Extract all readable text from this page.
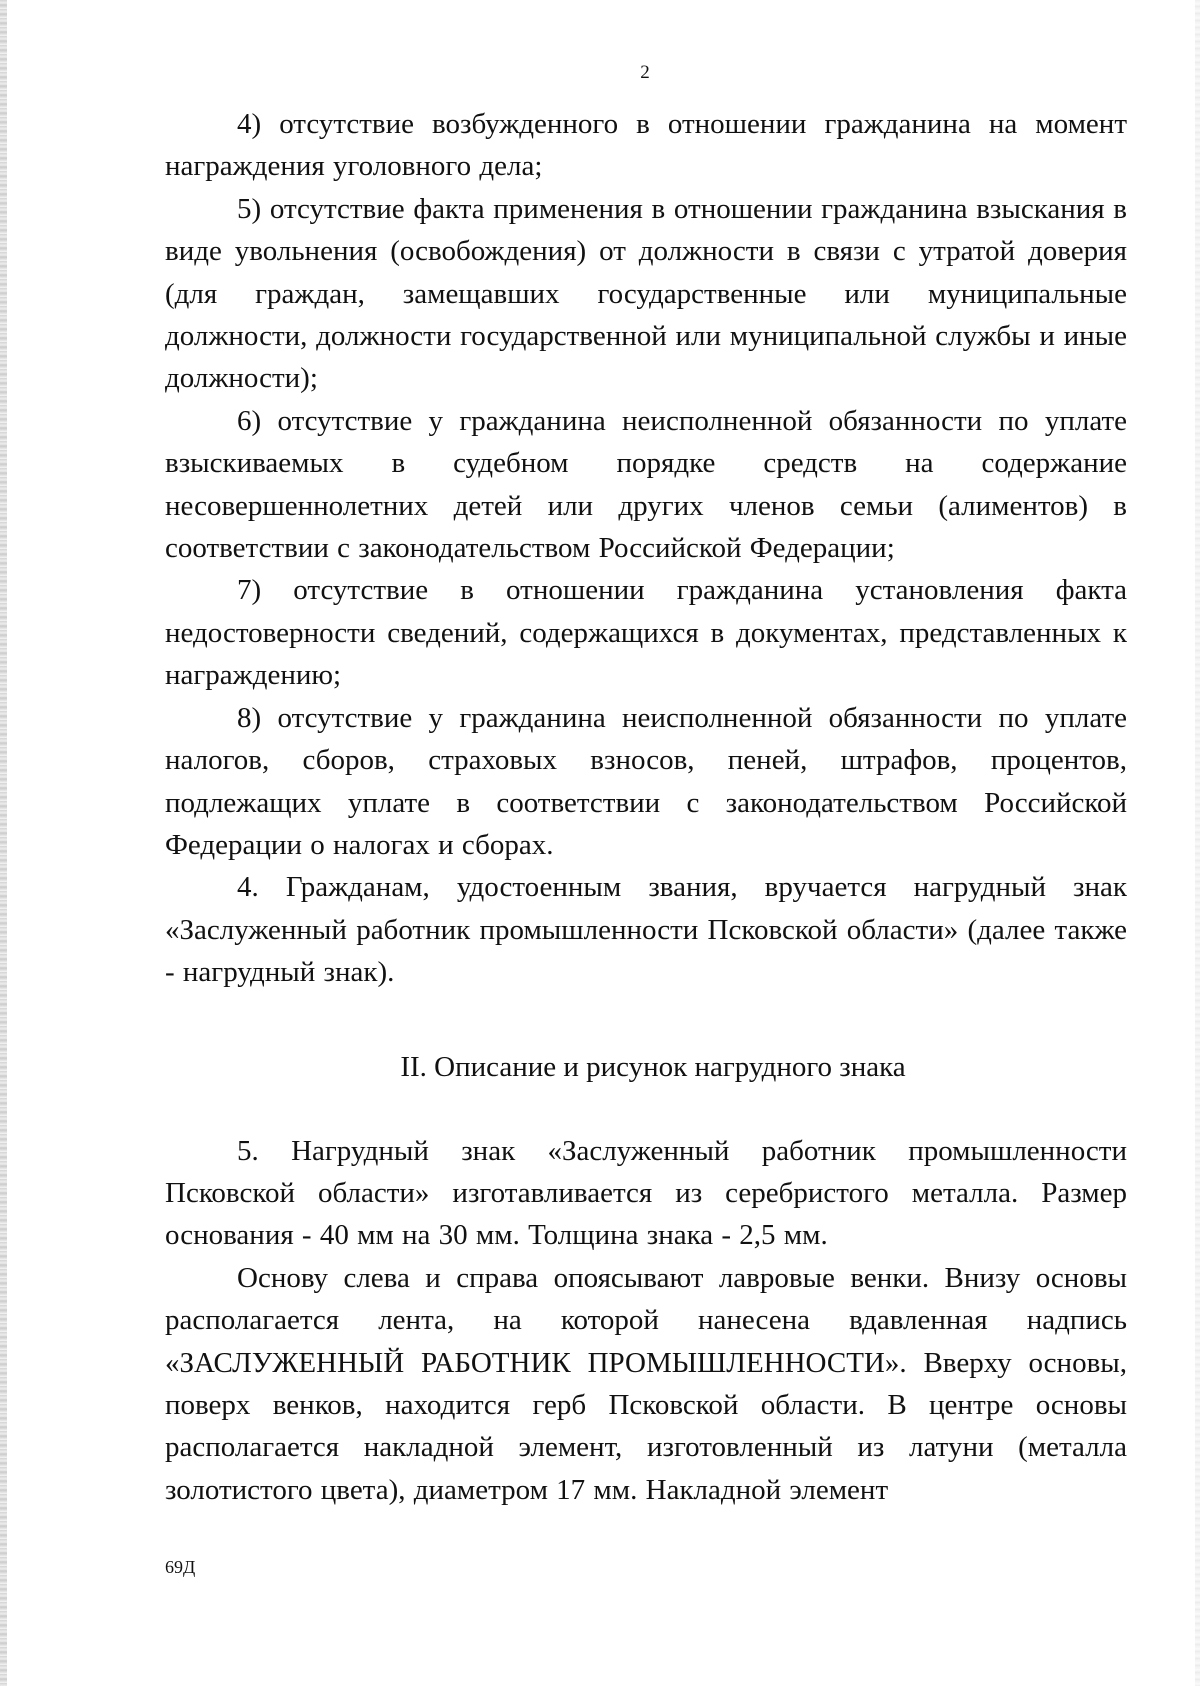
2

4) отсутствие возбужденного в отношении гражданина на момент награждения уголовного дела;

5) отсутствие факта применения в отношении гражданина взыскания в виде увольнения (освобождения) от должности в связи с утратой доверия (для граждан, замещавших государственные или муниципальные должности, должности государственной или муниципальной службы и иные должности);

6) отсутствие у гражданина неисполненной обязанности по уплате взыскиваемых в судебном порядке средств на содержание несовершеннолетних детей или других членов семьи (алиментов) в соответствии с законодательством Российской Федерации;

7) отсутствие в отношении гражданина установления факта недостоверности сведений, содержащихся в документах, представленных к награждению;

8) отсутствие у гражданина неисполненной обязанности по уплате налогов, сборов, страховых взносов, пеней, штрафов, процентов, подлежащих уплате в соответствии с законодательством Российской Федерации о налогах и сборах.

4. Гражданам, удостоенным звания, вручается нагрудный знак «Заслуженный работник промышленности Псковской области» (далее также - нагрудный знак).

II. Описание и рисунок нагрудного знака

5. Нагрудный знак «Заслуженный работник промышленности Псковской области» изготавливается из серебристого металла. Размер основания - 40 мм на 30 мм. Толщина знака - 2,5 мм.

Основу слева и справа опоясывают лавровые венки. Внизу основы располагается лента, на которой нанесена вдавленная надпись «ЗАСЛУЖЕННЫЙ РАБОТНИК ПРОМЫШЛЕННОСТИ». Вверху основы, поверх венков, находится герб Псковской области. В центре основы располагается накладной элемент, изготовленный из латуни (металла золотистого цвета), диаметром 17 мм. Накладной элемент

69Д
